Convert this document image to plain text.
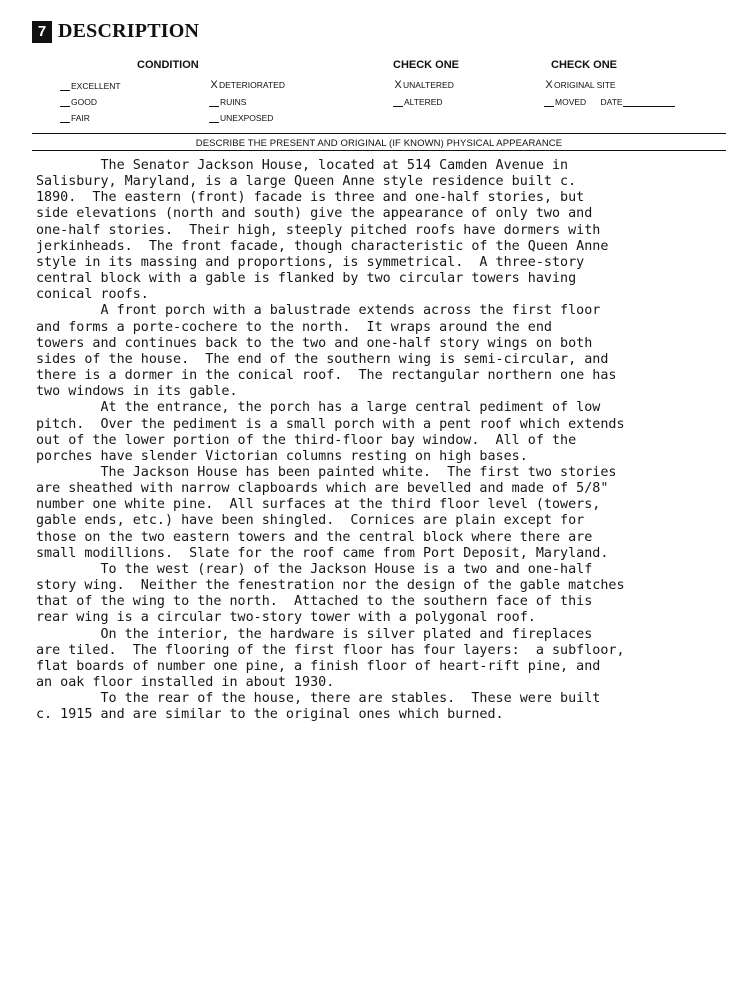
7 DESCRIPTION
CONDITION	CHECK ONE	CHECK ONE
EXCELLENT
GOOD
FAIR
XDETERIORATED
RUINS
UNEXPOSED
XUNALTERED
ALTERED
XORIGINAL SITE
MOVED DATE
DESCRIBE THE PRESENT AND ORIGINAL (IF KNOWN) PHYSICAL APPEARANCE
The Senator Jackson House, located at 514 Camden Avenue in
Salisbury, Maryland, is a large Queen Anne style residence built c.
1890.  The eastern (front) facade is three and one-half stories, but
side elevations (north and south) give the appearance of only two and
one-half stories.  Their high, steeply pitched roofs have dormers with
jerkinheads.  The front facade, though characteristic of the Queen Anne
style in its massing and proportions, is symmetrical.  A three-story
central block with a gable is flanked by two circular towers having
conical roofs.
A front porch with a balustrade extends across the first floor
and forms a porte-cochere to the north.  It wraps around the end
towers and continues back to the two and one-half story wings on both
sides of the house.  The end of the southern wing is semi-circular, and
there is a dormer in the conical roof.  The rectangular northern one has
two windows in its gable.
At the entrance, the porch has a large central pediment of low
pitch.  Over the pediment is a small porch with a pent roof which extends
out of the lower portion of the third-floor bay window.  All of the
porches have slender Victorian columns resting on high bases.
The Jackson House has been painted white.  The first two stories
are sheathed with narrow clapboards which are bevelled and made of 5/8"
number one white pine.  All surfaces at the third floor level (towers,
gable ends, etc.) have been shingled.  Cornices are plain except for
those on the two eastern towers and the central block where there are
small modillions.  Slate for the roof came from Port Deposit, Maryland.
To the west (rear) of the Jackson House is a two and one-half
story wing.  Neither the fenestration nor the design of the gable matches
that of the wing to the north.  Attached to the southern face of this
rear wing is a circular two-story tower with a polygonal roof.
On the interior, the hardware is silver plated and fireplaces
are tiled.  The flooring of the first floor has four layers:  a subfloor,
flat boards of number one pine, a finish floor of heart-rift pine, and
an oak floor installed in about 1930.
To the rear of the house, there are stables.  These were built
c. 1915 and are similar to the original ones which burned.
